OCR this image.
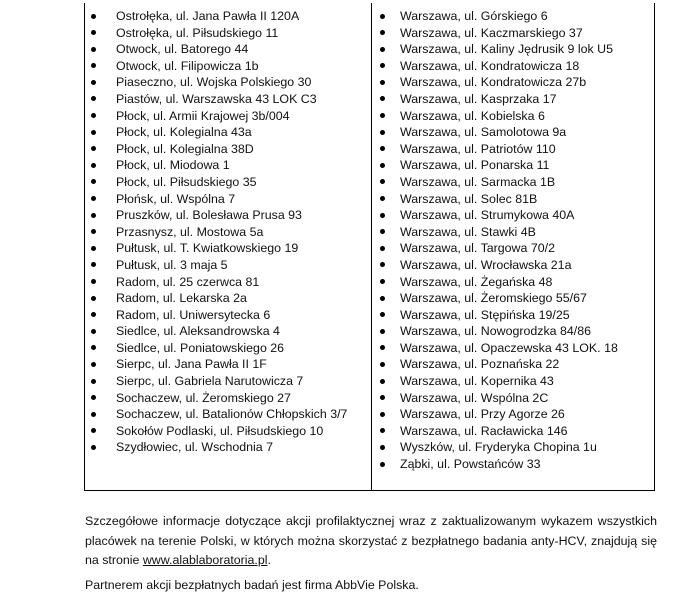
Ostrołęka, ul. Jana Pawła II 120A
Ostrołęka, ul. Piłsudskiego 11
Otwock, ul. Batorego 44
Otwock, ul. Filipowicza 1b
Piaseczno, ul. Wojska Polskiego 30
Piastów, ul. Warszawska 43 LOK C3
Płock, ul. Armii Krajowej 3b/004
Płock, ul. Kolegialna 43a
Płock, ul. Kolegialna 38D
Płock, ul. Miodowa 1
Płock, ul. Piłsudskiego 35
Płońsk, ul. Wspólna 7
Pruszków, ul. Bolesława Prusa 93
Przasnysz, ul. Mostowa 5a
Pułtusk, ul. T. Kwiatkowskiego 19
Pułtusk, ul. 3 maja 5
Radom, ul. 25 czerwca 81
Radom, ul. Lekarska 2a
Radom, ul. Uniwersytecka 6
Siedlce, ul. Aleksandrowska 4
Siedlce, ul. Poniatowskiego 26
Sierpc, ul. Jana Pawła II 1F
Sierpc, ul. Gabriela Narutowicza 7
Sochaczew, ul. Żeromskiego 27
Sochaczew, ul. Batalionów Chłopskich 3/7
Sokołów Podlaski, ul. Piłsudskiego 10
Szydłowiec, ul. Wschodnia 7
Warszawa, ul. Górskiego 6
Warszawa, ul. Kaczmarskiego 37
Warszawa, ul. Kaliny Jędrusik 9 lok U5
Warszawa, ul. Kondratowicza 18
Warszawa, ul. Kondratowicza 27b
Warszawa, ul. Kasprzaka 17
Warszawa, ul. Kobielska 6
Warszawa, ul. Samolotowa 9a
Warszawa, ul. Patriotów 110
Warszawa, ul. Ponarska 11
Warszawa, ul. Sarmacka 1B
Warszawa, ul. Solec 81B
Warszawa, ul. Strumykowa 40A
Warszawa, ul. Stawki 4B
Warszawa, ul. Targowa 70/2
Warszawa, ul. Wrocławska 21a
Warszawa, ul. Żegańska 48
Warszawa, ul. Żeromskiego 55/67
Warszawa, ul. Stępińska 19/25
Warszawa, ul. Nowogrodzka 84/86
Warszawa, ul. Opaczewska 43 LOK. 18
Warszawa, ul. Poznańska 22
Warszawa, ul. Kopernika 43
Warszawa, ul. Wspólna 2C
Warszawa, ul. Przy Agorze 26
Warszawa, ul. Racławicka 146
Wyszków, ul. Fryderyka Chopina 1u
Ząbki, ul. Powstańców 33

Szczegółowe informacje dotyczące akcji profilaktycznej wraz z zaktualizowanym wykazem wszystkich placówek na terenie Polski, w których można skorzystać z bezpłatnego badania anty-HCV, znajdują się na stronie www.alablaboratoria.pl.

Partnerem akcji bezpłatnych badań jest firma AbbVie Polska.
